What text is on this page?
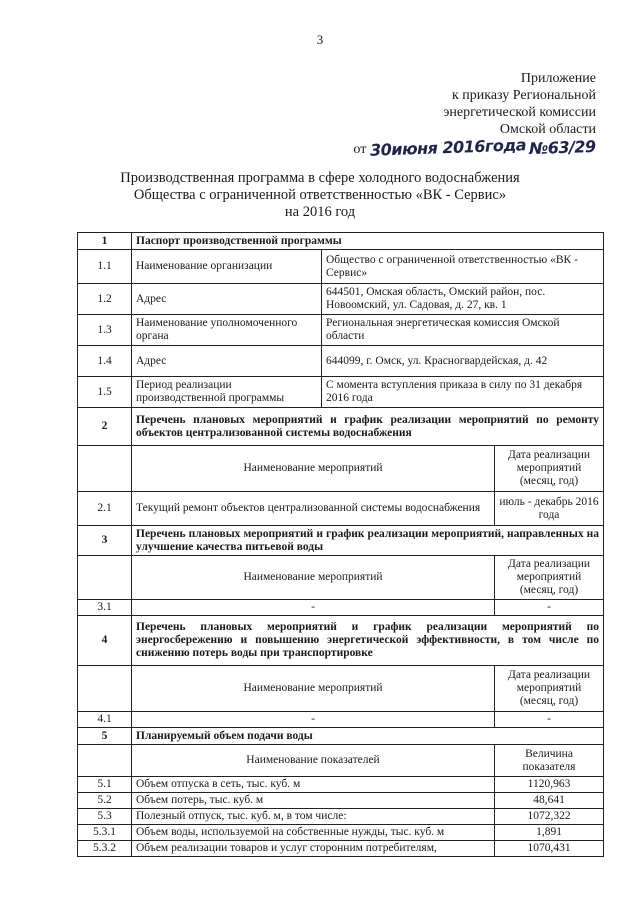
3
Приложение
к приказу Региональной
энергетической комиссии
Омской области
от 30июня 2016года №63/29
Производственная программа в сфере холодного водоснабжения
Общества с ограниченной ответственностью «ВК - Сервис»
на 2016 год
1	Паспорт производственной программы		
1.1	Наименование организации	Общество с ограниченной ответственностью «ВК - Сервис»	
1.2	Адрес	644501, Омская область, Омский район, пос. Новоомский, ул. Садовая, д. 27, кв. 1	
1.3	Наименование уполномоченного органа	Региональная энергетическая комиссия Омской области	
1.4	Адрес	644099, г. Омск, ул. Красногвардейская, д. 42	
1.5	Период реализации производственной программы	С момента вступления приказа в силу по 31 декабря 2016 года	
2	Перечень плановых мероприятий и график реализации мероприятий по ремонту объектов централизованной системы водоснабжения		
	Наименование мероприятий		Дата реализации мероприятий (месяц, год)
2.1	Текущий ремонт объектов централизованной системы водоснабжения		июль - декабрь 2016 года
3	Перечень плановых мероприятий и график реализации мероприятий, направленных на улучшение качества питьевой воды		
	Наименование мероприятий		Дата реализации мероприятий (месяц, год)
3.1	-		-
4	Перечень плановых мероприятий и график реализации мероприятий по энергосбережению и повышению энергетической эффективности, в том числе по снижению потерь воды при транспортировке		
	Наименование мероприятий		Дата реализации мероприятий (месяц, год)
4.1	-		-
5	Планируемый объем подачи воды		
	Наименование показателей		Величина показателя
5.1	Объем отпуска в сеть, тыс. куб. м		1120,963
5.2	Объем потерь, тыс. куб. м		48,641
5.3	Полезный отпуск, тыс. куб. м, в том числе:		1072,322
5.3.1	Объем воды, используемой на собственные нужды, тыс. куб. м		1,891
5.3.2	Объем реализации товаров и услуг сторонним потребителям,		1070,431
